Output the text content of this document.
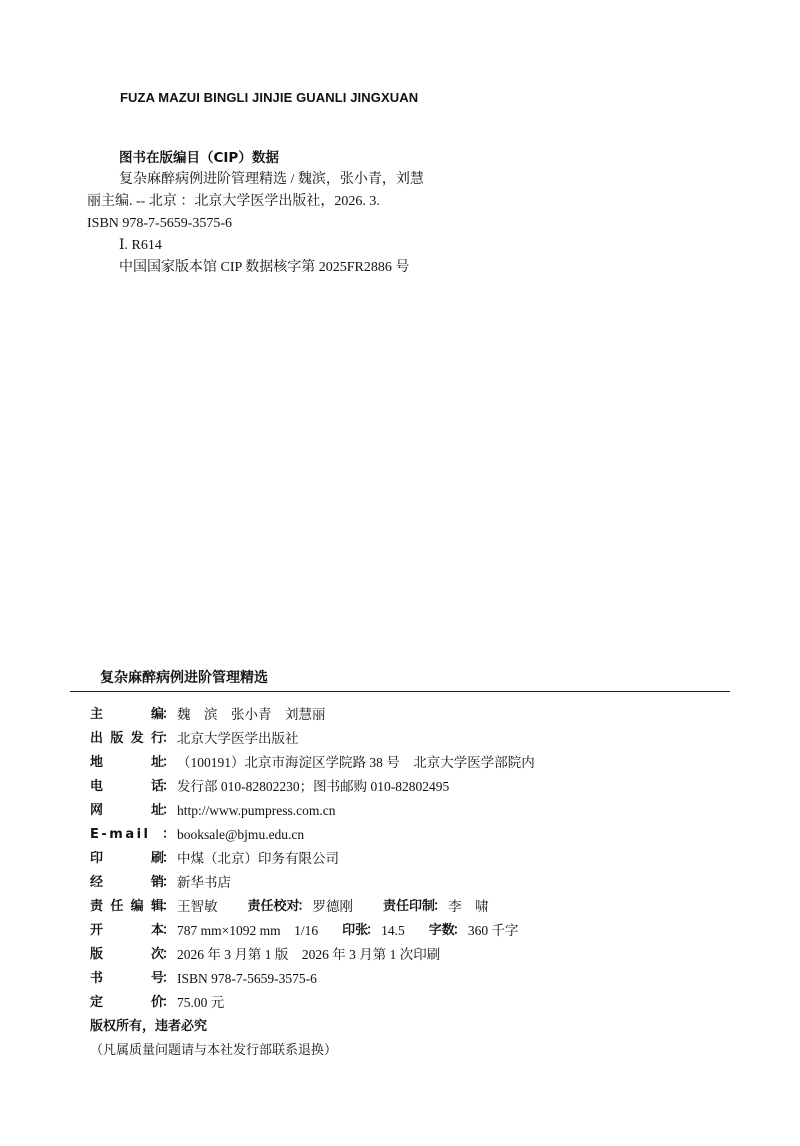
FUZA MAZUI BINGLI JINJIE GUANLI JINGXUAN
图书在版编目（CIP）数据
复杂麻醉病例进阶管理精选 / 魏滨，张小青，刘慧
丽主编. -- 北京 ：北京大学医学出版社，2026. 3.
ISBN 978-7-5659-3575-6
Ⅰ. R614
中国国家版本馆 CIP 数据核字第 2025FR2886 号
复杂麻醉病例进阶管理精选
主　编
： 魏　滨　张小青　刘慧丽
出版发行
： 北京大学医学出版社
地　址
： （100191）北京市海淀区学院路 38 号　北京大学医学部院内
电　话
： 发行部 010-82802230；图书邮购 010-82802495
网　址
： http://www.pumpress.com.cn
E-mail ： booksale@bjmu.edu.cn
印　刷
： 中煤（北京）印务有限公司
经　销
： 新华书店
责任编辑
： 王智敏 责任校对
： 罗德刚 责任印制
： 李　啸
开　本
： 787 mm×1092 mm　1/16 印张
： 14.5 字数
： 360 千字
版　次
： 2026 年 3 月第 1 版　2026 年 3 月第 1 次印刷
书　号
： ISBN 978-7-5659-3575-6
定　价
： 75.00 元
版权所有，违者必究
（凡属质量问题请与本社发行部联系退换）
